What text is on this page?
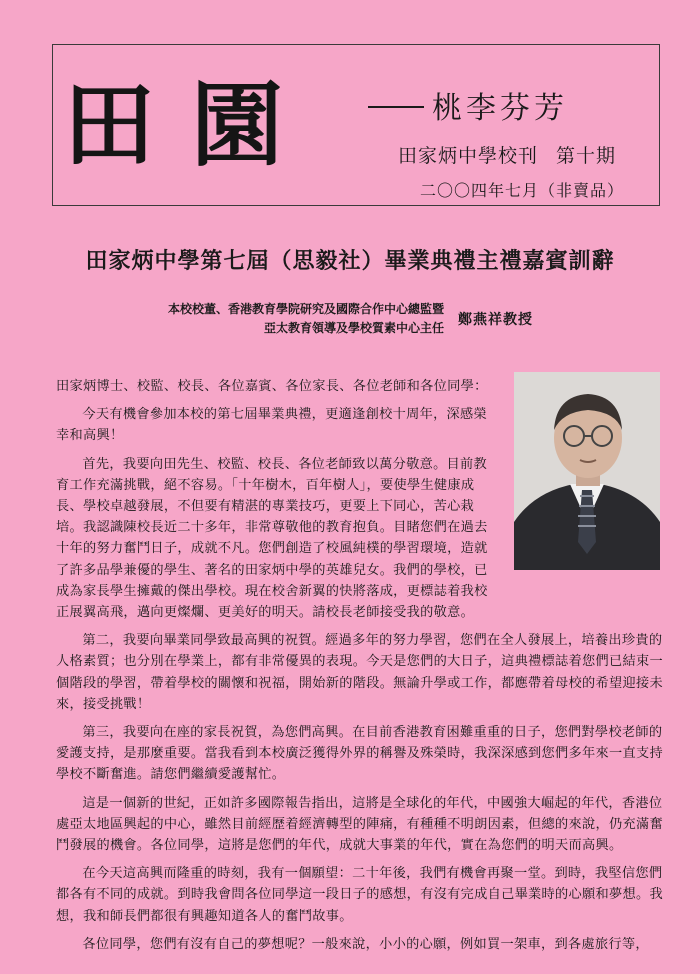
田園	桃李芬芳
田家炳中學校刊 第十期
二〇〇四年七月（非賣品）
田家炳中學第七屆（思毅社）畢業典禮主禮嘉賓訓辭
本校校董、香港教育學院研究及國際合作中心總監暨
亞太教育領導及學校質素中心主任 鄭燕祥教授

田家炳博士、校監、校長、各位嘉賓、各位家長、各位老師和各位同學：

今天有機會參加本校的第七屆畢業典禮，更適逢創校十周年，深感榮幸和高興！

首先，我要向田先生、校監、校長、各位老師致以萬分敬意。目前教育工作充滿挑戰，絕不容易。「十年樹木，百年樹人」，要使學生健康成長、學校卓越發展，不但要有精湛的專業技巧，更要上下同心，苦心栽培。我認識陳校長近二十多年，非常尊敬他的教育抱負。目睹您們在過去十年的努力奮鬥日子，成就不凡。您們創造了校風純樸的學習環境，造就了許多品學兼優的學生、著名的田家炳中學的英雄兒女。我們的學校，已成為家長學生擁戴的傑出學校。現在校舍新翼的快將落成，更標誌着我校正展翼高飛，邁向更燦爛、更美好的明天。請校長老師接受我的敬意。

第二，我要向畢業同學致最高興的祝賀。經過多年的努力學習，您們在全人發展上，培養出珍貴的人格素質；也分別在學業上，都有非常優異的表現。今天是您們的大日子，這典禮標誌着您們已結束一個階段的學習，帶着學校的關懷和祝福，開始新的階段。無論升學或工作，都應帶着母校的希望迎接未來，接受挑戰！

第三，我要向在座的家長祝賀，為您們高興。在目前香港教育困難重重的日子，您們對學校老師的愛護支持，是那麼重要。當我看到本校廣泛獲得外界的稱譽及殊榮時，我深深感到您們多年來一直支持學校不斷奮進。請您們繼續愛護幫忙。

這是一個新的世紀，正如許多國際報告指出，這將是全球化的年代，中國強大崛起的年代，香港位處亞太地區興起的中心，雖然目前經歷着經濟轉型的陣痛，有種種不明朗因素，但總的來說，仍充滿奮鬥發展的機會。各位同學，這將是您們的年代，成就大事業的年代，實在為您們的明天而高興。

在今天這高興而隆重的時刻，我有一個願望：二十年後，我們有機會再聚一堂。到時，我堅信您們都各有不同的成就。到時我會問各位同學這一段日子的感想，有沒有完成自己畢業時的心願和夢想。我想，我和師長們都很有興趣知道各人的奮鬥故事。

各位同學，您們有沒有自己的夢想呢？一般來說，小小的心願，例如買一架車，到各處旅行等，
